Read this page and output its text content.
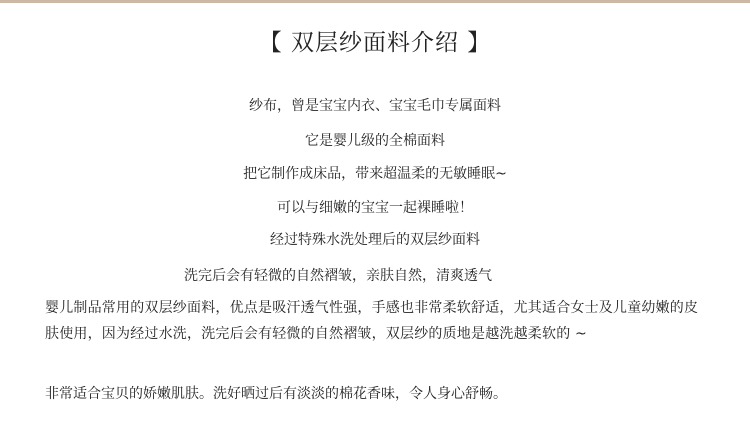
【 双层纱面料介绍 】
纱布，曾是宝宝内衣、宝宝毛巾专属面料
它是婴儿级的全棉面料
把它制作成床品，带来超温柔的无敏睡眠~
可以与细嫩的宝宝一起裸睡啦！
经过特殊水洗处理后的双层纱面料
洗完后会有轻微的自然褶皱，亲肤自然，清爽透气
婴儿制品常用的双层纱面料，优点是吸汗透气性强，手感也非常柔软舒适，尤其适合女士及儿童幼嫩的皮肤使用，因为经过水洗，洗完后会有轻微的自然褶皱，双层纱的质地是越洗越柔软的 ~
非常适合宝贝的娇嫩肌肤。洗好晒过后有淡淡的棉花香味，令人身心舒畅。
